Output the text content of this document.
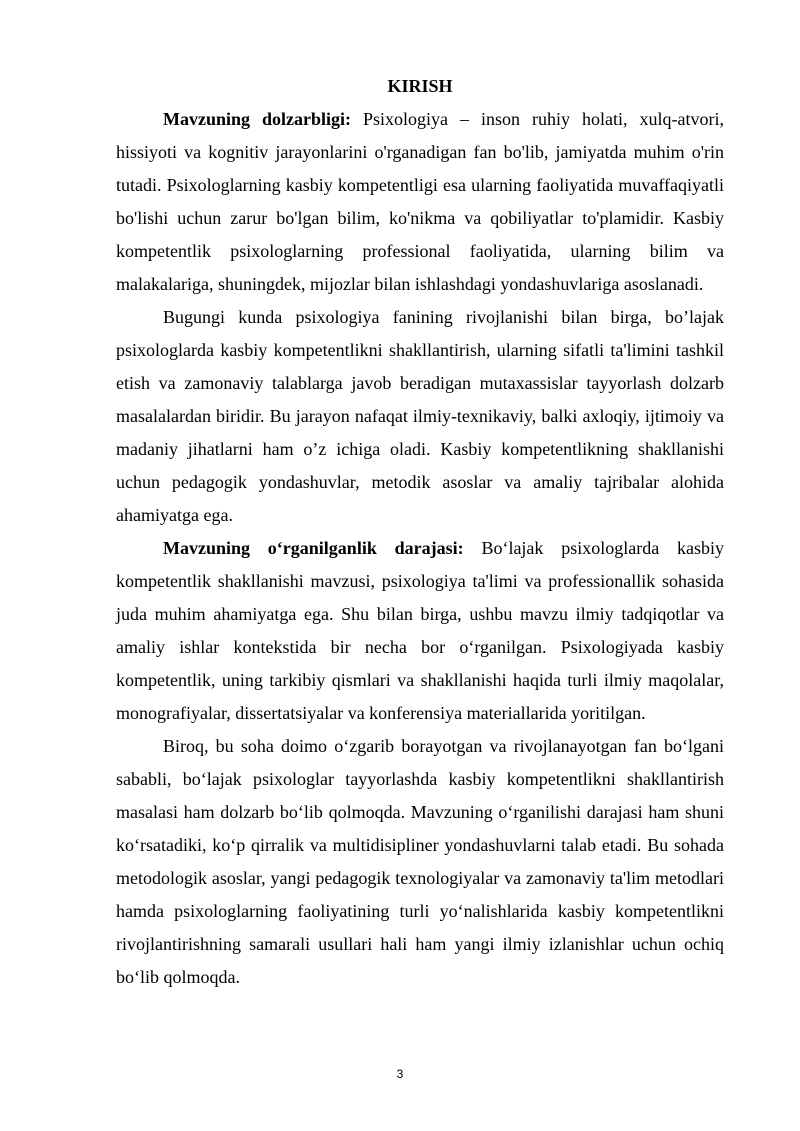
KIRISH

Mavzuning dolzarbligi: Psixologiya – inson ruhiy holati, xulq-atvori, hissiyoti va kognitiv jarayonlarini o'rganadigan fan bo'lib, jamiyatda muhim o'rin tutadi. Psixologlarning kasbiy kompetentligi esa ularning faoliyatida muvaffaqiyatli bo'lishi uchun zarur bo'lgan bilim, ko'nikma va qobiliyatlar to'plamidir. Kasbiy kompetentlik psixologlarning professional faoliyatida, ularning bilim va malakalariga, shuningdek, mijozlar bilan ishlashdagi yondashuvlariga asoslanadi.

Bugungi kunda psixologiya fanining rivojlanishi bilan birga, bo’lajak psixologlarda kasbiy kompetentlikni shakllantirish, ularning sifatli ta'limini tashkil etish va zamonaviy talablarga javob beradigan mutaxassislar tayyorlash dolzarb masalalardan biridir. Bu jarayon nafaqat ilmiy-texnikaviy, balki axloqiy, ijtimoiy va madaniy jihatlarni ham o’z ichiga oladi. Kasbiy kompetentlikning shakllanishi uchun pedagogik yondashuvlar, metodik asoslar va amaliy tajribalar alohida ahamiyatga ega.

Mavzuning o‘rganilganlik darajasi: Bo‘lajak psixologlarda kasbiy kompetentlik shakllanishi mavzusi, psixologiya ta'limi va professionallik sohasida juda muhim ahamiyatga ega. Shu bilan birga, ushbu mavzu ilmiy tadqiqotlar va amaliy ishlar kontekstida bir necha bor o‘rganilgan. Psixologiyada kasbiy kompetentlik, uning tarkibiy qismlari va shakllanishi haqida turli ilmiy maqolalar, monografiyalar, dissertatsiyalar va konferensiya materiallarida yoritilgan.

Biroq, bu soha doimo o‘zgarib borayotgan va rivojlanayotgan fan bo‘lgani sababli, bo‘lajak psixologlar tayyorlashda kasbiy kompetentlikni shakllantirish masalasi ham dolzarb bo‘lib qolmoqda. Mavzuning o‘rganilishi darajasi ham shuni ko‘rsatadiki, ko‘p qirralik va multidisipliner yondashuvlarni talab etadi. Bu sohada metodologik asoslar, yangi pedagogik texnologiyalar va zamonaviy ta'lim metodlari hamda psixologlarning faoliyatining turli yo‘nalishlarida kasbiy kompetentlikni rivojlantirishning samarali usullari hali ham yangi ilmiy izlanishlar uchun ochiq bo‘lib qolmoqda.

3
